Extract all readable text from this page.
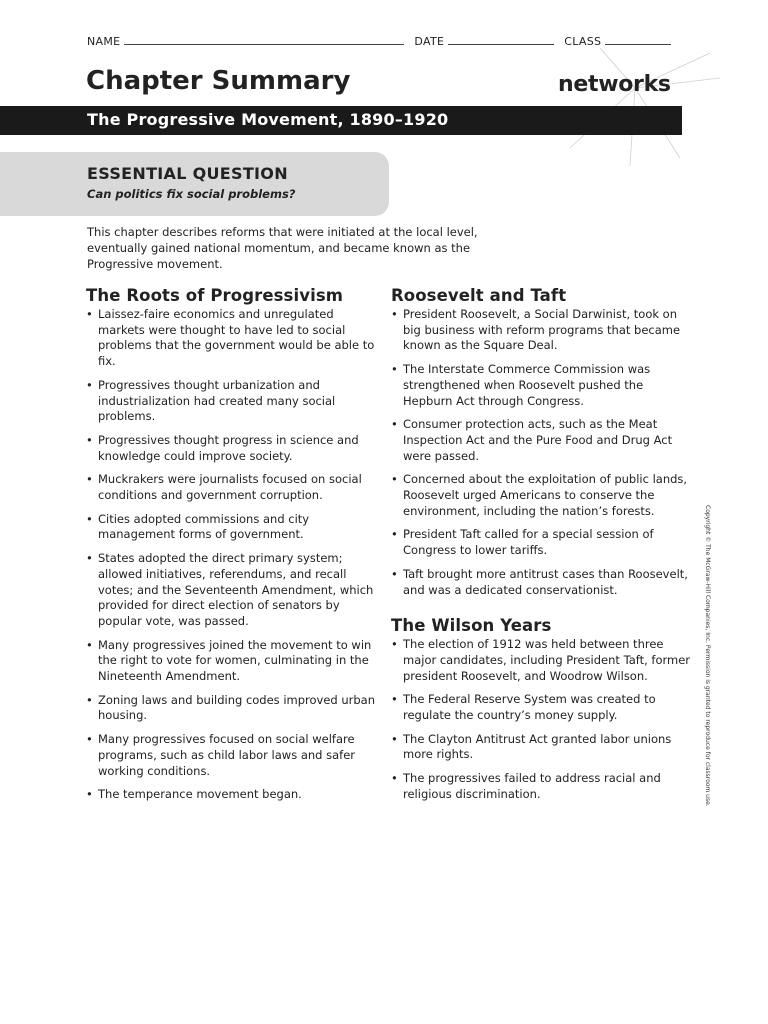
NAME	DATE	CLASS
Chapter Summary	networks
The Progressive Movement, 1890–1920
ESSENTIAL QUESTION

Can politics fix social problems?

This chapter describes reforms that were initiated at the local level, eventually gained national momentum, and became known as the Progressive movement.

The Roots of Progressivism
• Laissez-faire economics and unregulated markets were thought to have led to social problems that the government would be able to fix.
• Progressives thought urbanization and industrialization had created many social problems.
• Progressives thought progress in science and knowledge could improve society.
• Muckrakers were journalists focused on social conditions and government corruption.
• Cities adopted commissions and city management forms of government.
• States adopted the direct primary system; allowed initiatives, referendums, and recall votes; and the Seventeenth Amendment, which provided for direct election of senators by popular vote, was passed.
• Many progressives joined the movement to win the right to vote for women, culminating in the Nineteenth Amendment.
• Zoning laws and building codes improved urban housing.
• Many progressives focused on social welfare programs, such as child labor laws and safer working conditions.
• The temperance movement began.
Roosevelt and Taft
• President Roosevelt, a Social Darwinist, took on big business with reform programs that became known as the Square Deal.
• The Interstate Commerce Commission was strengthened when Roosevelt pushed the Hepburn Act through Congress.
• Consumer protection acts, such as the Meat Inspection Act and the Pure Food and Drug Act were passed.
• Concerned about the exploitation of public lands, Roosevelt urged Americans to conserve the environment, including the nation’s forests.
• President Taft called for a special session of Congress to lower tariffs.
• Taft brought more antitrust cases than Roosevelt, and was a dedicated conservationist.
The Wilson Years
• The election of 1912 was held between three major candidates, including President Taft, former president Roosevelt, and Woodrow Wilson.
• The Federal Reserve System was created to regulate the country’s money supply.
• The Clayton Antitrust Act granted labor unions more rights.
• The progressives failed to address racial and religious discrimination.	Copyright © The McGraw-Hill Companies, Inc. Permission is granted to reproduce for classroom use.
